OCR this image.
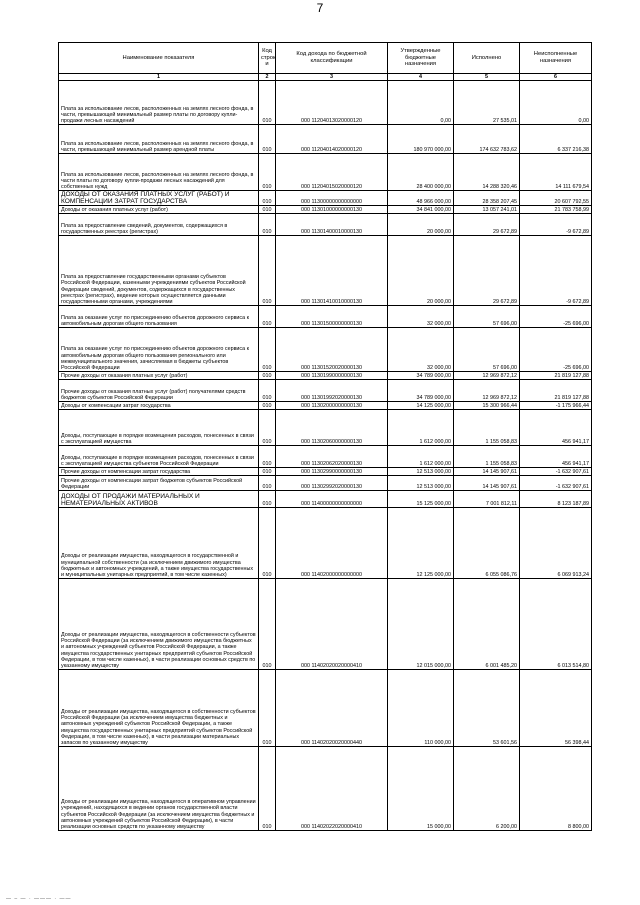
7
Наименование показателя	Код строк и	Код дохода по бюджетной классификации	Утвержденные бюджетные назначения	Исполнено	Неисполненные назначения
1	2	3	4	5	6
Плата за использование лесов, расположенных на землях лесного фонда, в части, превышающей минимальный размер платы по договору купли-продажи лесных насаждений	010	000 11204013020000120	0,00	27 535,01	0,00
Плата за использование лесов, расположенных на землях лесного фонда, в части, превышающей минимальный размер арендной платы	010	000 11204014020000120	180 970 000,00	174 632 783,62	6 337 216,38
Плата за использование лесов, расположенных на землях лесного фонда, в части платы по договору купли-продажи лесных насаждений для собственных нужд	010	000 11204015020000120	28 400 000,00	14 288 320,46	14 111 679,54
ДОХОДЫ ОТ ОКАЗАНИЯ ПЛАТНЫХ УСЛУГ (РАБОТ) И КОМПЕНСАЦИИ ЗАТРАТ ГОСУДАРСТВА	010	000 11300000000000000	48 966 000,00	28 358 207,45	20 607 792,55
Доходы от оказания платных услуг (работ)	010	000 11301000000000130	34 841 000,00	13 057 241,01	21 783 758,99
Плата за предоставление сведений, документов, содержащихся в государственных реестрах (регистрах)	010	000 11301400010000130	20 000,00	29 672,89	-9 672,89
Плата за предоставление государственными органами субъектов Российской Федерации, казенными учреждениями субъектов Российской Федерации сведений, документов, содержащихся в государственных реестрах (регистрах), ведение которых осуществляется данными государственными органами, учреждениями	010	000 11301410010000130	20 000,00	29 672,89	-9 672,89
Плата за оказание услуг по присоединению объектов дорожного сервиса к автомобильным дорогам общего пользования	010	000 11301500000000130	32 000,00	57 696,00	-25 696,00
Плата за оказание услуг по присоединению объектов дорожного сервиса к автомобильным дорогам общего пользования регионального или межмуниципального значения, зачисляемая в бюджеты субъектов Российской Федерации	010	000 11301520020000130	32 000,00	57 696,00	-25 696,00
Прочие доходы от оказания платных услуг (работ)	010	000 11301990000000130	34 789 000,00	12 969 872,12	21 819 127,88
Прочие доходы от оказания платных услуг (работ) получателями средств бюджетов субъектов Российской Федерации	010	000 11301992020000130	34 789 000,00	12 969 872,12	21 819 127,88
Доходы от компенсации затрат государства	010	000 11302000000000130	14 125 000,00	15 300 966,44	-1 175 966,44
Доходы, поступающие в порядке возмещения расходов, понесенных в связи с эксплуатацией имущества	010	000 11302060000000130	1 612 000,00	1 155 058,83	456 941,17
Доходы, поступающие в порядке возмещения расходов, понесенных в связи с эксплуатацией имущества субъектов Российской Федерации	010	000 11302062020000130	1 612 000,00	1 155 058,83	456 941,17
Прочие доходы от компенсации затрат государства	010	000 11302990000000130	12 513 000,00	14 145 907,61	-1 632 907,61
Прочие доходы от компенсации затрат бюджетов субъектов Российской Федерации	010	000 11302992020000130	12 513 000,00	14 145 907,61	-1 632 907,61
ДОХОДЫ ОТ ПРОДАЖИ МАТЕРИАЛЬНЫХ И НЕМАТЕРИАЛЬНЫХ АКТИВОВ	010	000 11400000000000000	15 125 000,00	7 001 812,11	8 123 187,89
Доходы от реализации имущества, находящегося в государственной и муниципальной собственности (за исключением движимого имущества бюджетных и автономных учреждений, а также имущества государственных и муниципальных унитарных предприятий, в том числе казенных)	010	000 11402000000000000	12 125 000,00	6 055 086,76	6 069 913,24
Доходы от реализации имущества, находящегося в собственности субъектов Российской Федерации (за исключением движимого имущества бюджетных и автономных учреждений субъектов Российской Федерации, а также имущества государственных унитарных предприятий субъектов Российской Федерации, в том числе казенных), в части реализации основных средств по указанному имуществу	010	000 11402020020000410	12 015 000,00	6 001 485,20	6 013 514,80
Доходы от реализации имущества, находящегося в собственности субъектов Российской Федерации (за исключением имущества бюджетных и автономных учреждений субъектов Российской Федерации, а также имущества государственных унитарных предприятий субъектов Российской Федерации, в том числе казенных), в части реализации материальных запасов по указанному имуществу	010	000 11402020020000440	110 000,00	53 601,56	56 398,44
Доходы от реализации имущества, находящегося в оперативном управлении учреждений, находящихся в ведении органов государственной власти субъектов Российской Федерации (за исключением имущества бюджетных и автономных учреждений субъектов Российской Федерации), в части реализации основных средств по указанному имуществу	010	000 11402022020000410	15 000,00	6 200,00	8 800,00
— – — · ——— · ——
